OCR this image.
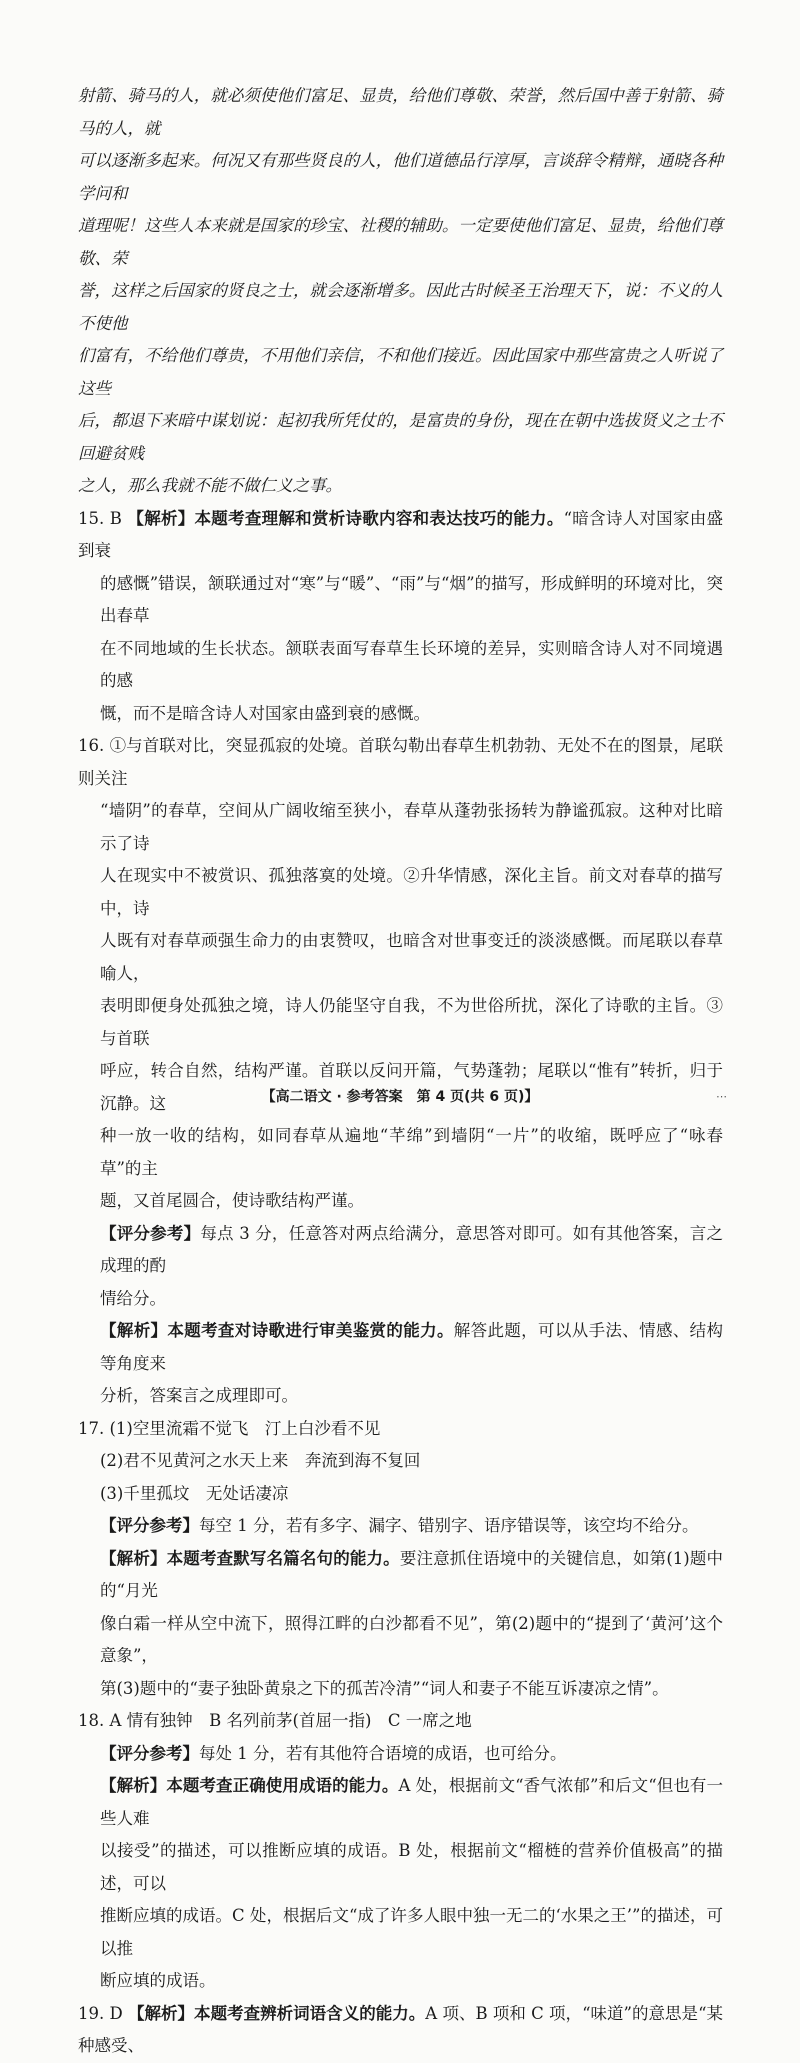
射箭、骑马的人，就必须使他们富足、显贵，给他们尊敬、荣誉，然后国中善于射箭、骑马的人，就

可以逐渐多起来。何况又有那些贤良的人，他们道德品行淳厚，言谈辞令精辩，通晓各种学问和

道理呢！这些人本来就是国家的珍宝、社稷的辅助。一定要使他们富足、显贵，给他们尊敬、荣

誉，这样之后国家的贤良之士，就会逐渐增多。因此古时候圣王治理天下，说：不义的人不使他

们富有，不给他们尊贵，不用他们亲信，不和他们接近。因此国家中那些富贵之人听说了这些

后，都退下来暗中谋划说：起初我所凭仗的，是富贵的身份，现在在朝中选拔贤义之士不回避贫贱

之人，那么我就不能不做仁义之事。

15. B 【解析】本题考查理解和赏析诗歌内容和表达技巧的能力。“暗含诗人对国家由盛到衰

的感慨”错误，颔联通过对“寒”与“暖”、“雨”与“烟”的描写，形成鲜明的环境对比，突出春草

在不同地域的生长状态。颔联表面写春草生长环境的差异，实则暗含诗人对不同境遇的感

慨，而不是暗含诗人对国家由盛到衰的感慨。

16. ①与首联对比，突显孤寂的处境。首联勾勒出春草生机勃勃、无处不在的图景，尾联则关注

“墙阴”的春草，空间从广阔收缩至狭小，春草从蓬勃张扬转为静谧孤寂。这种对比暗示了诗

人在现实中不被赏识、孤独落寞的处境。②升华情感，深化主旨。前文对春草的描写中，诗

人既有对春草顽强生命力的由衷赞叹，也暗含对世事变迁的淡淡感慨。而尾联以春草喻人，

表明即便身处孤独之境，诗人仍能坚守自我，不为世俗所扰，深化了诗歌的主旨。③与首联

呼应，转合自然，结构严谨。首联以反问开篇，气势蓬勃；尾联以“惟有”转折，归于沉静。这

种一放一收的结构，如同春草从遍地“芊绵”到墙阴“一片”的收缩，既呼应了“咏春草”的主

题，又首尾圆合，使诗歌结构严谨。

【评分参考】每点 3 分，任意答对两点给满分，意思答对即可。如有其他答案，言之成理的酌

情给分。

【解析】本题考查对诗歌进行审美鉴赏的能力。解答此题，可以从手法、情感、结构等角度来

分析，答案言之成理即可。

17. (1)空里流霜不觉飞　汀上白沙看不见

(2)君不见黄河之水天上来　奔流到海不复回

(3)千里孤坟　无处话凄凉

【评分参考】每空 1 分，若有多字、漏字、错别字、语序错误等，该空均不给分。

【解析】本题考查默写名篇名句的能力。要注意抓住语境中的关键信息，如第(1)题中的“月光

像白霜一样从空中流下，照得江畔的白沙都看不见”，第(2)题中的“提到了‘黄河’这个意象”，

第(3)题中的“妻子独卧黄泉之下的孤苦冷清”“词人和妻子不能互诉凄凉之情”。

18. A 情有独钟　B 名列前茅(首屈一指)　C 一席之地

【评分参考】每处 1 分，若有其他符合语境的成语，也可给分。

【解析】本题考查正确使用成语的能力。A 处，根据前文“香气浓郁”和后文“但也有一些人难

以接受”的描述，可以推断应填的成语。B 处，根据前文“榴梿的营养价值极高”的描述，可以

推断应填的成语。C 处，根据后文“成了许多人眼中独一无二的‘水果之王’”的描述，可以推

断应填的成语。

19. D 【解析】本题考查辨析词语含义的能力。A 项、B 项和 C 项，“味道”的意思是“某种感受、

【高二语文 · 参考答案　第 4 页(共 6 页)】	⋯
